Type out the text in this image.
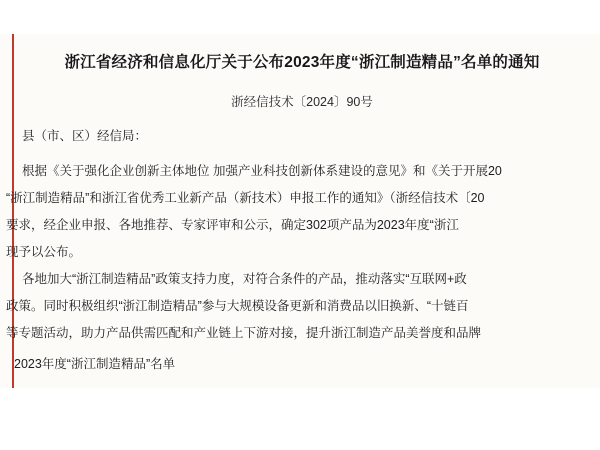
浙江省经济和信息化厅关于公布2023年度“浙江制造精品”名单的通知
浙经信技术〔2024〕90号
县（市、区）经信局：
根据《关于强化企业创新主体地位 加强产业科技创新体系建设的意见》和《关于开展20
“浙江制造精品”和浙江省优秀工业新产品（新技术）申报工作的通知》（浙经信技术〔20
要求，经企业申报、各地推荐、专家评审和公示，确定302项产品为2023年度“浙江
现予以公布。
各地加大“浙江制造精品”政策支持力度，对符合条件的产品，推动落实“互联网+政
政策。同时积极组织“浙江制造精品”参与大规模设备更新和消费品以旧换新、“十链百
等专题活动，助力产品供需匹配和产业链上下游对接，提升浙江制造产品美誉度和品牌
2023年度“浙江制造精品”名单
